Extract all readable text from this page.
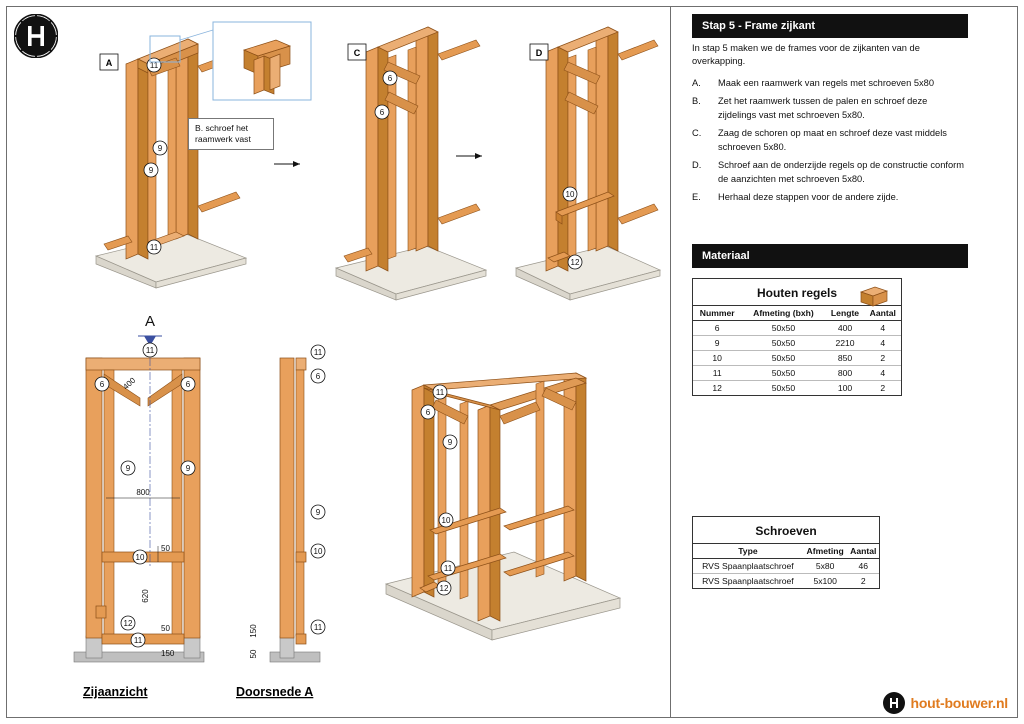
A	11
9
9
11
C
6
6
D
10
12
A
400
800
50
620
50
150
11
6	6
9	9
10
12
11
Zijaanzicht
150
50
11
6
9
10
11
Doorsnede A
11
6
9
10
11
12
B. schroef het raamwerk vast
Stap 5 - Frame zijkant

In stap 5 maken we de frames voor de zijkanten van de overkapping.

A.	Maak een raamwerk van regels met schroeven 5x80
B.	Zet het raamwerk tussen de palen en schroef deze zijdelings vast met schroeven 5x80.
C.	Zaag de schoren op maat en schroef deze vast middels schroeven 5x80.
D.	Schroef aan de onderzijde regels op de constructie conform de aanzichten met schroeven 5x80.
E.	Herhaal deze stappen voor de andere zijde.
Materiaal
Houten regels
Nummer	Afmeting (bxh)	Lengte	Aantal
6	50x50	400	4
9	50x50	2210	4
10	50x50	850	2
11	50x50	800	4
12	50x50	100	2
Schroeven
Type	Afmeting	Aantal
RVS Spaanplaatschroef	5x80	46
RVS Spaanplaatschroef	5x100	2
hout-bouwer.nl
